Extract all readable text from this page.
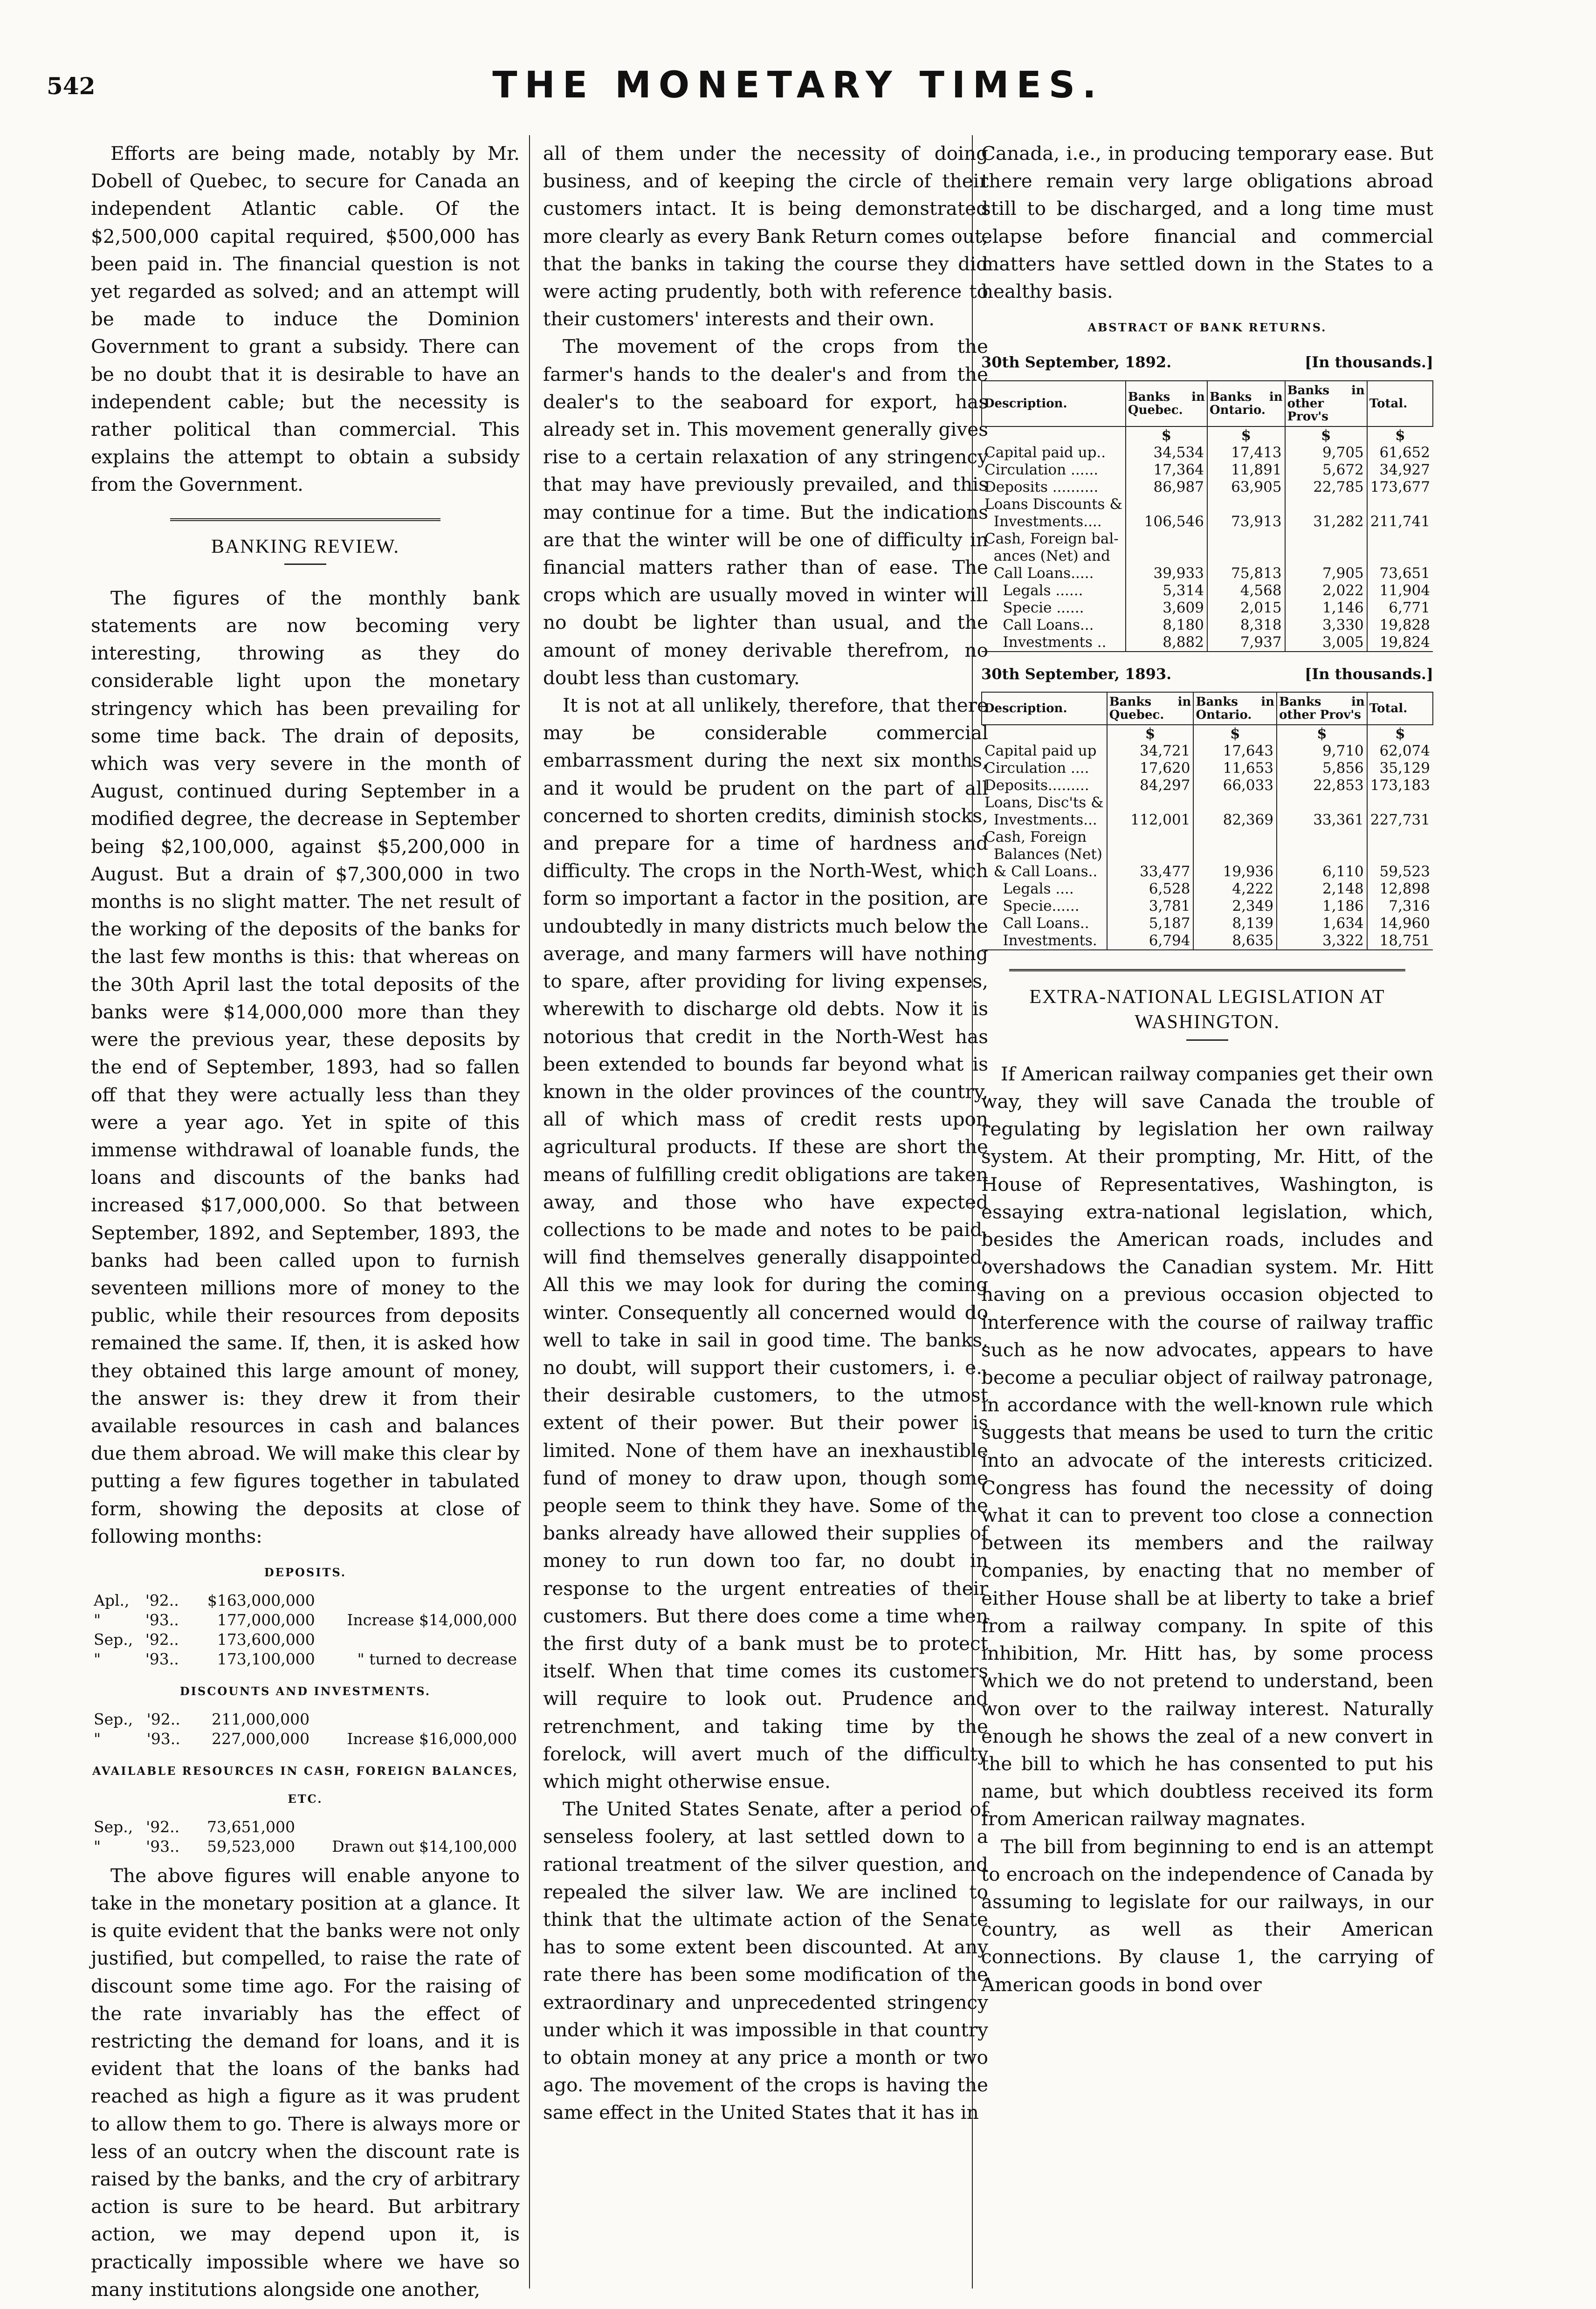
542	THE MONETARY TIMES.

Efforts are being made, notably by Mr. Dobell of Quebec, to secure for Canada an independent Atlantic cable. Of the $2,500,000 capital required, $500,000 has been paid in. The financial question is not yet regarded as solved; and an attempt will be made to induce the Dominion Government to grant a subsidy. There can be no doubt that it is desirable to have an independent cable; but the necessity is rather political than commercial. This explains the attempt to obtain a subsidy from the Government.

BANKING REVIEW.

The figures of the monthly bank statements are now becoming very interesting, throwing as they do considerable light upon the monetary stringency which has been prevailing for some time back. The drain of deposits, which was very severe in the month of August, continued during September in a modified degree, the decrease in September being $2,100,000, against $5,200,000 in August. But a drain of $7,300,000 in two months is no slight matter. The net result of the working of the deposits of the banks for the last few months is this: that whereas on the 30th April last the total deposits of the banks were $14,000,000 more than they were the previous year, these deposits by the end of September, 1893, had so fallen off that they were actually less than they were a year ago. Yet in spite of this immense withdrawal of loanable funds, the loans and discounts of the banks had increased $17,000,000. So that between September, 1892, and September, 1893, the banks had been called upon to furnish seventeen millions more of money to the public, while their resources from deposits remained the same. If, then, it is asked how they obtained this large amount of money, the answer is: they drew it from their available resources in cash and balances due them abroad. We will make this clear by putting a few figures together in tabulated form, showing the deposits at close of following months:

DEPOSITS.
Apl.,	'92..	$163,000,000	
"	'93..	177,000,000	Increase $14,000,000
Sep.,	'92..	173,600,000	
"	'93..	173,100,000	" turned to decrease
DISCOUNTS AND INVESTMENTS.
Sep.,	'92..	211,000,000	
"	'93..	227,000,000	Increase $16,000,000
AVAILABLE RESOURCES IN CASH, FOREIGN BALANCES, ETC.
Sep.,	'92..	73,651,000	
"	'93..	59,523,000	Drawn out $14,100,000

The above figures will enable anyone to take in the monetary position at a glance. It is quite evident that the banks were not only justified, but compelled, to raise the rate of discount some time ago. For the raising of the rate invariably has the effect of restricting the demand for loans, and it is evident that the loans of the banks had reached as high a figure as it was prudent to allow them to go. There is always more or less of an outcry when the discount rate is raised by the banks, and the cry of arbitrary action is sure to be heard. But arbitrary action, we may depend upon it, is practically impossible where we have so many institutions alongside one another,

all of them under the necessity of doing business, and of keeping the circle of their customers intact. It is being demonstrated more clearly as every Bank Return comes out, that the banks in taking the course they did were acting prudently, both with reference to their customers' interests and their own.

The movement of the crops from the farmer's hands to the dealer's and from the dealer's to the seaboard for export, has already set in. This movement generally gives rise to a certain relaxation of any stringency that may have previously prevailed, and this may continue for a time. But the indications are that the winter will be one of difficulty in financial matters rather than of ease. The crops which are usually moved in winter will no doubt be lighter than usual, and the amount of money derivable therefrom, no doubt less than customary.

It is not at all unlikely, therefore, that there may be considerable commercial embarrassment during the next six months, and it would be prudent on the part of all concerned to shorten credits, diminish stocks, and prepare for a time of hardness and difficulty. The crops in the North-West, which form so important a factor in the position, are undoubtedly in many districts much below the average, and many farmers will have nothing to spare, after providing for living expenses, wherewith to discharge old debts. Now it is notorious that credit in the North-West has been extended to bounds far beyond what is known in the older provinces of the country, all of which mass of credit rests upon agricultural products. If these are short the means of fulfilling credit obligations are taken away, and those who have expected collections to be made and notes to be paid, will find themselves generally disappointed. All this we may look for during the coming winter. Consequently all concerned would do well to take in sail in good time. The banks, no doubt, will support their customers, i. e., their desirable customers, to the utmost extent of their power. But their power is limited. None of them have an inexhaustible fund of money to draw upon, though some people seem to think they have. Some of the banks already have allowed their supplies of money to run down too far, no doubt in response to the urgent entreaties of their customers. But there does come a time when the first duty of a bank must be to protect itself. When that time comes its customers will require to look out. Prudence and retrenchment, and taking time by the forelock, will avert much of the difficulty which might otherwise ensue.

The United States Senate, after a period of senseless foolery, at last settled down to a rational treatment of the silver question, and repealed the silver law. We are inclined to think that the ultimate action of the Senate has to some extent been discounted. At any rate there has been some modification of the extraordinary and unprecedented stringency under which it was impossible in that country to obtain money at any price a month or two ago. The movement of the crops is having the same effect in the United States that it has in

Canada, i.e., in producing temporary ease. But there remain very large obligations abroad still to be discharged, and a long time must elapse before financial and commercial matters have settled down in the States to a healthy basis.

ABSTRACT OF BANK RETURNS.
30th September, 1892.	[In thousands.]
Description.	Banks in Quebec.	Banks in Ontario.	Banks in other Prov's	Total.
	$	$	$	$
Capital paid up..	34,534	17,413	9,705	61,652
Circulation ......	17,364	11,891	5,672	34,927
Deposits ..........	86,987	63,905	22,785	173,677
Loans Discounts &				
Investments....	106,546	73,913	31,282	211,741
Cash, Foreign bal-				
ances (Net) and				
Call Loans.....	39,933	75,813	7,905	73,651
Legals ......	5,314	4,568	2,022	11,904
Specie ......	3,609	2,015	1,146	6,771
Call Loans...	8,180	8,318	3,330	19,828
Investments ..	8,882	7,937	3,005	19,824
30th September, 1893.	[In thousands.]
Description.	Banks in Quebec.	Banks in Ontario.	Banks in other Prov's	Total.
	$	$	$	$
Capital paid up	34,721	17,643	9,710	62,074
Circulation ....	17,620	11,653	5,856	35,129
Deposits.........	84,297	66,033	22,853	173,183
Loans, Disc'ts &				
Investments...	112,001	82,369	33,361	227,731
Cash, Foreign				
Balances (Net)				
& Call Loans..	33,477	19,936	6,110	59,523
Legals ....	6,528	4,222	2,148	12,898
Specie......	3,781	2,349	1,186	7,316
Call Loans..	5,187	8,139	1,634	14,960
Investments.	6,794	8,635	3,322	18,751
EXTRA-NATIONAL LEGISLATION AT
WASHINGTON.

If American railway companies get their own way, they will save Canada the trouble of regulating by legislation her own railway system. At their prompting, Mr. Hitt, of the House of Representatives, Washington, is essaying extra-national legislation, which, besides the American roads, includes and overshadows the Canadian system. Mr. Hitt having on a previous occasion objected to interference with the course of railway traffic such as he now advocates, appears to have become a peculiar object of railway patronage, in accordance with the well-known rule which suggests that means be used to turn the critic into an advocate of the interests criticized. Congress has found the necessity of doing what it can to prevent too close a connection between its members and the railway companies, by enacting that no member of either House shall be at liberty to take a brief from a railway company. In spite of this inhibition, Mr. Hitt has, by some process which we do not pretend to understand, been won over to the railway interest. Naturally enough he shows the zeal of a new convert in the bill to which he has consented to put his name, but which doubtless received its form from American railway magnates.

The bill from beginning to end is an attempt to encroach on the independence of Canada by assuming to legislate for our railways, in our country, as well as their American connections. By clause 1, the carrying of American goods in bond over
